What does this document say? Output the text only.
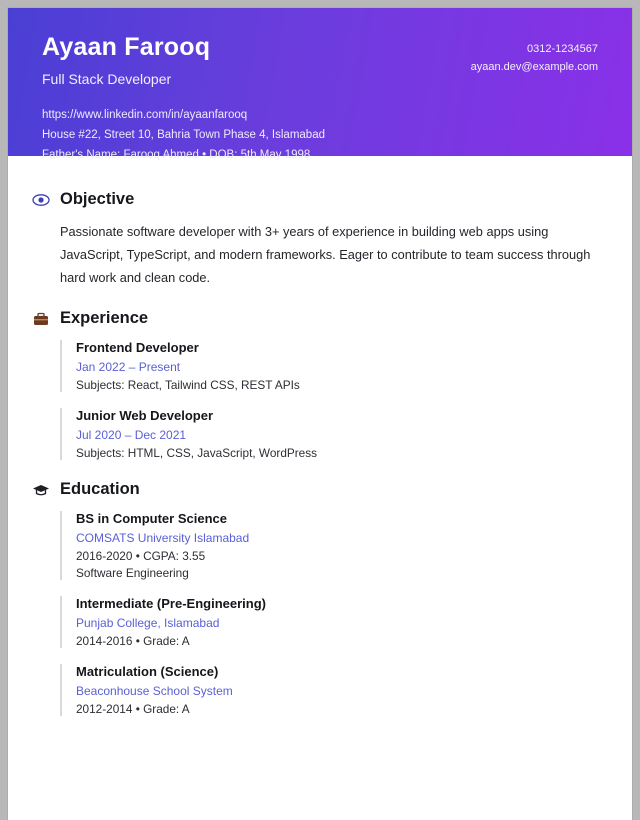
Ayaan Farooq
Full Stack Developer
https://www.linkedin.com/in/ayaanfarooq
House #22, Street 10, Bahria Town Phase 4, Islamabad
Father's Name: Farooq Ahmed • DOB: 5th May 1998
0312-1234567
ayaan.dev@example.com
Objective
Passionate software developer with 3+ years of experience in building web apps using JavaScript, TypeScript, and modern frameworks. Eager to contribute to team success through hard work and clean code.
Experience
Frontend Developer
Jan 2022 – Present
Subjects: React, Tailwind CSS, REST APIs
Junior Web Developer
Jul 2020 – Dec 2021
Subjects: HTML, CSS, JavaScript, WordPress
Education
BS in Computer Science
COMSATS University Islamabad
2016-2020 • CGPA: 3.55
Software Engineering
Intermediate (Pre-Engineering)
Punjab College, Islamabad
2014-2016 • Grade: A
Matriculation (Science)
Beaconhouse School System
2012-2014 • Grade: A
